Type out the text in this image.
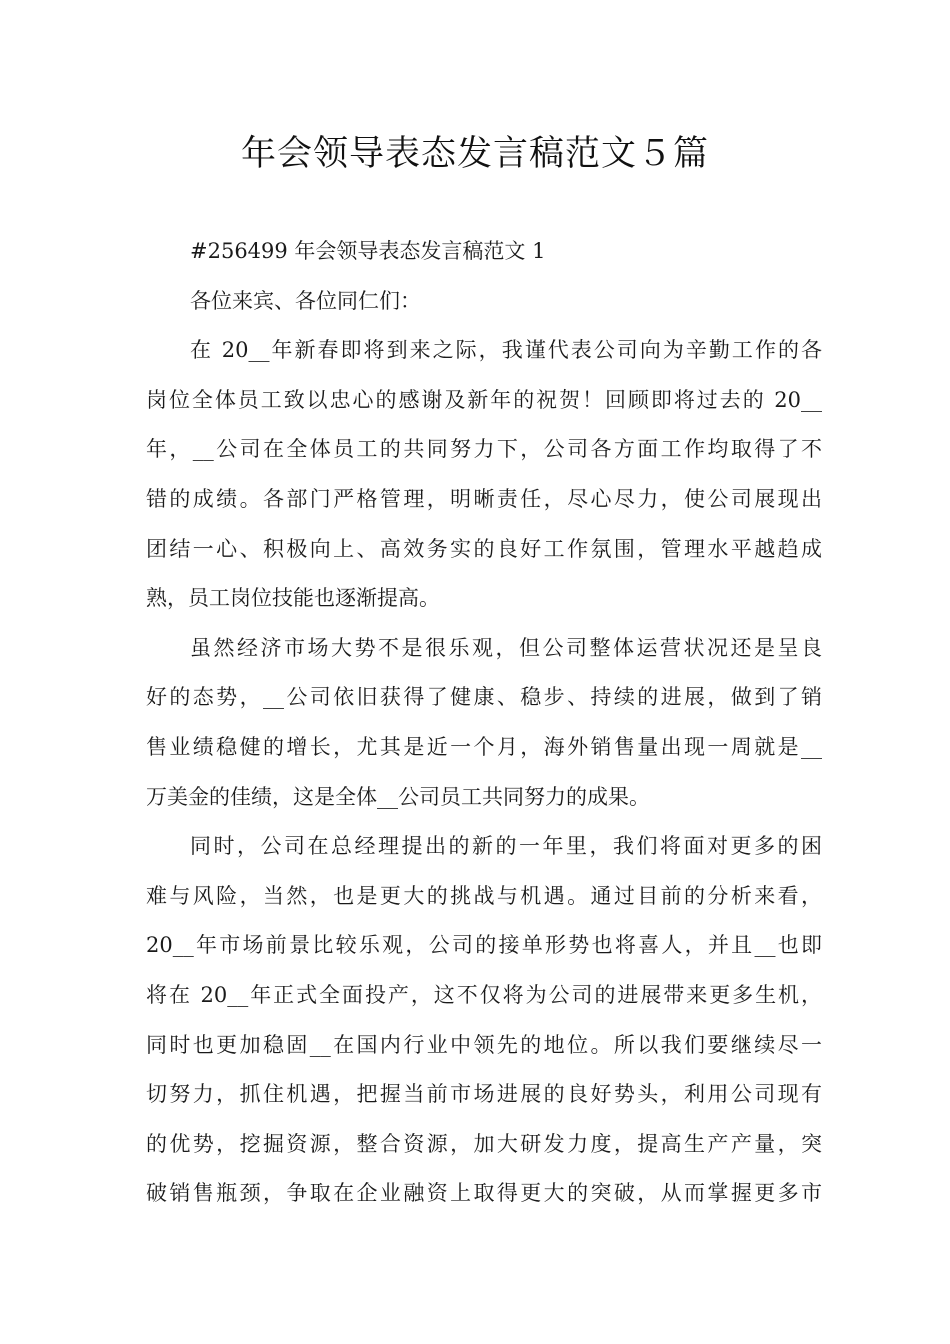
年会领导表态发言稿范文５篇
#256499 年会领导表态发言稿范文 1
各位来宾、各位同仁们：
在 20__年新春即将到来之际，我谨代表公司向为辛勤工作的各
岗位全体员工致以忠心的感谢及新年的祝贺！回顾即将过去的 20__
年，__公司在全体员工的共同努力下，公司各方面工作均取得了不
错的成绩。各部门严格管理，明晰责任，尽心尽力，使公司展现出
团结一心、积极向上、高效务实的良好工作氛围，管理水平越趋成
熟，员工岗位技能也逐渐提高。
虽然经济市场大势不是很乐观，但公司整体运营状况还是呈良
好的态势，__公司依旧获得了健康、稳步、持续的进展，做到了销
售业绩稳健的增长，尤其是近一个月，海外销售量出现一周就是__
万美金的佳绩，这是全体__公司员工共同努力的成果。
同时，公司在总经理提出的新的一年里，我们将面对更多的困
难与风险，当然，也是更大的挑战与机遇。通过目前的分析来看，
20__年市场前景比较乐观，公司的接单形势也将喜人，并且__也即
将在 20__年正式全面投产，这不仅将为公司的进展带来更多生机，
同时也更加稳固__在国内行业中领先的地位。所以我们要继续尽一
切努力，抓住机遇，把握当前市场进展的良好势头，利用公司现有
的优势，挖掘资源，整合资源，加大研发力度，提高生产产量，突
破销售瓶颈，争取在企业融资上取得更大的突破，从而掌握更多市
